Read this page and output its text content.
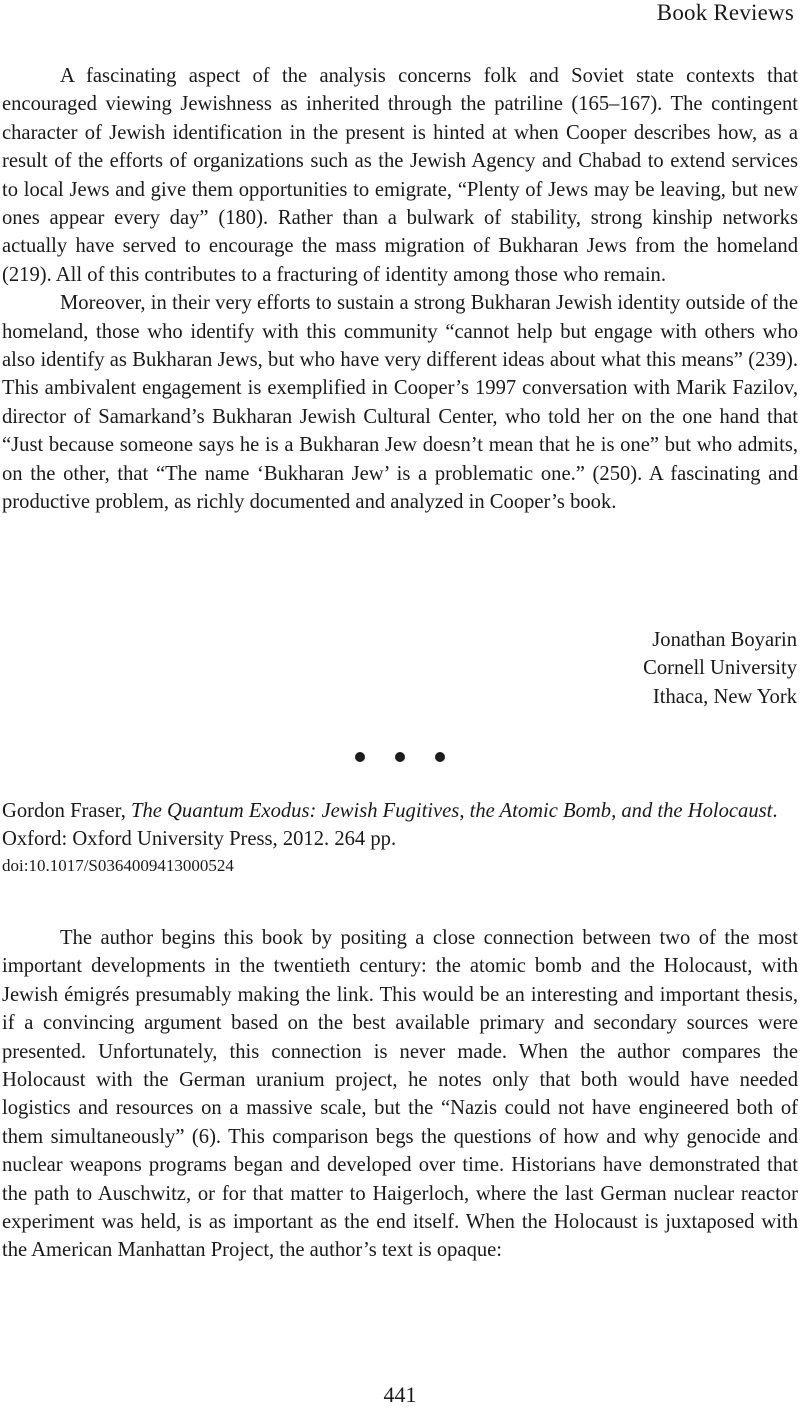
Book Reviews

A fascinating aspect of the analysis concerns folk and Soviet state contexts that encouraged viewing Jewishness as inherited through the patriline (165–167). The contingent character of Jewish identification in the present is hinted at when Cooper describes how, as a result of the efforts of organizations such as the Jewish Agency and Chabad to extend services to local Jews and give them opportunities to emigrate, “Plenty of Jews may be leaving, but new ones appear every day” (180). Rather than a bulwark of stability, strong kinship networks actually have served to encourage the mass migration of Bukharan Jews from the homeland (219). All of this contributes to a fracturing of identity among those who remain.

Moreover, in their very efforts to sustain a strong Bukharan Jewish identity outside of the homeland, those who identify with this community “cannot help but engage with others who also identify as Bukharan Jews, but who have very different ideas about what this means” (239). This ambivalent engagement is exemplified in Cooper’s 1997 conversation with Marik Fazilov, director of Samarkand’s Bukharan Jewish Cultural Center, who told her on the one hand that “Just because someone says he is a Bukharan Jew doesn’t mean that he is one” but who admits, on the other, that “The name ‘Bukharan Jew’ is a problematic one.” (250). A fascinating and productive problem, as richly documented and analyzed in Cooper’s book.

Jonathan Boyarin
Cornell University
Ithaca, New York
Gordon Fraser, The Quantum Exodus: Jewish Fugitives, the Atomic Bomb, and the Holocaust. Oxford: Oxford University Press, 2012. 264 pp.
doi:10.1017/S0364009413000524

The author begins this book by positing a close connection between two of the most important developments in the twentieth century: the atomic bomb and the Holocaust, with Jewish émigrés presumably making the link. This would be an interesting and important thesis, if a convincing argument based on the best available primary and secondary sources were presented. Unfortunately, this connection is never made. When the author compares the Holocaust with the German uranium project, he notes only that both would have needed logistics and resources on a massive scale, but the “Nazis could not have engineered both of them simultaneously” (6). This comparison begs the questions of how and why genocide and nuclear weapons programs began and developed over time. Historians have demonstrated that the path to Auschwitz, or for that matter to Haigerloch, where the last German nuclear reactor experiment was held, is as important as the end itself. When the Holocaust is juxtaposed with the American Manhattan Project, the author’s text is opaque:

441
